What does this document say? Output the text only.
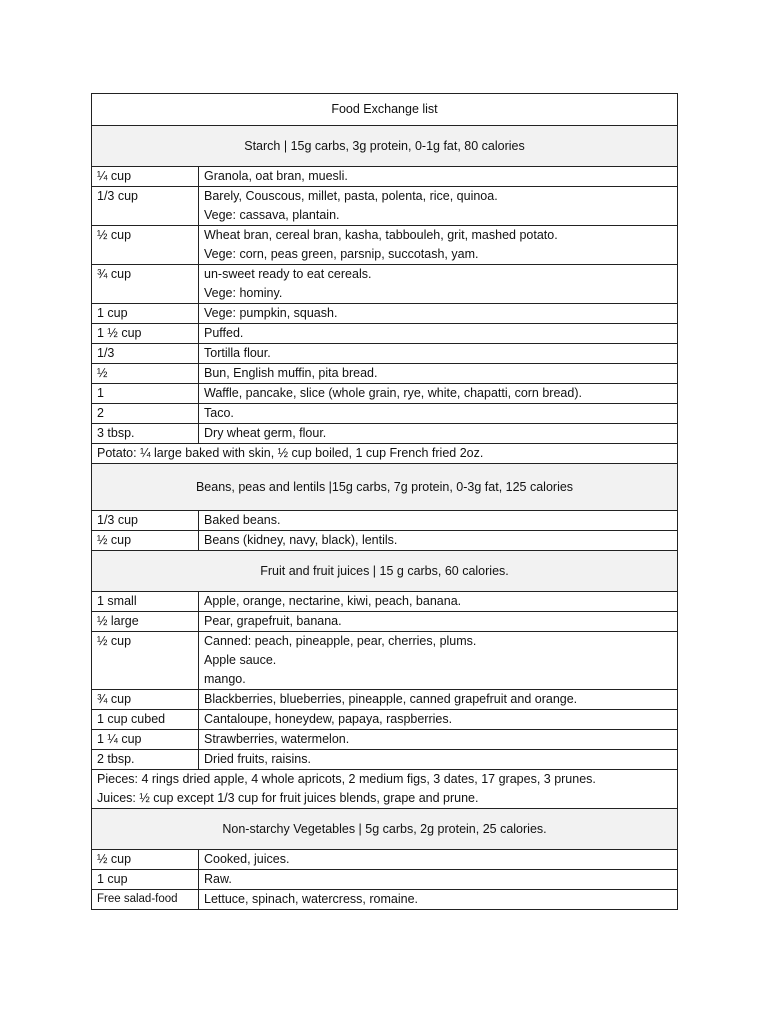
Food Exchange list	
Starch | 15g carbs, 3g protein, 0-1g fat, 80 calories	
¼ cup	Granola, oat bran, muesli.

1/3 cup	Barely, Couscous, millet, pasta, polenta, rice, quinoa.
Vege: cassava, plantain.

½ cup	Wheat bran, cereal bran, kasha, tabbouleh, grit, mashed potato.
Vege: corn, peas green, parsnip, succotash, yam.

¾ cup	un-sweet ready to eat cereals.
Vege: hominy.

1 cup	Vege: pumpkin, squash.

1 ½ cup	Puffed.

1/3	Tortilla flour.

½	Bun, English muffin, pita bread.

1	Waffle, pancake, slice (whole grain, rye, white, chapatti, corn bread).

2	Taco.

3 tbsp.	Dry wheat germ, flour.

Potato: ¼ large baked with skin, ½ cup boiled, 1 cup French fried 2oz.	

Beans, peas and lentils |15g carbs, 7g protein, 0-3g fat, 125 calories	
1/3 cup	Baked beans.

½ cup	Beans (kidney, navy, black), lentils.

Fruit and fruit juices | 15 g carbs, 60 calories.	
1 small	Apple, orange, nectarine, kiwi, peach, banana.

½ large	Pear, grapefruit, banana.

½ cup	Canned: peach, pineapple, pear, cherries, plums.
Apple sauce.
mango.

¾ cup	Blackberries, blueberries, pineapple, canned grapefruit and orange.

1 cup cubed	Cantaloupe, honeydew, papaya, raspberries.

1 ¼ cup	Strawberries, watermelon.

2 tbsp.	Dried fruits, raisins.

Pieces: 4 rings dried apple, 4 whole apricots, 2 medium figs, 3 dates, 17 grapes, 3 prunes.
Juices: ½ cup except 1/3 cup for fruit juices blends, grape and prune.	

Non-starchy Vegetables | 5g carbs, 2g protein, 25 calories.	
½ cup	Cooked, juices.

1 cup	Raw.

Free salad-food	Lettuce, spinach, watercress, romaine.
